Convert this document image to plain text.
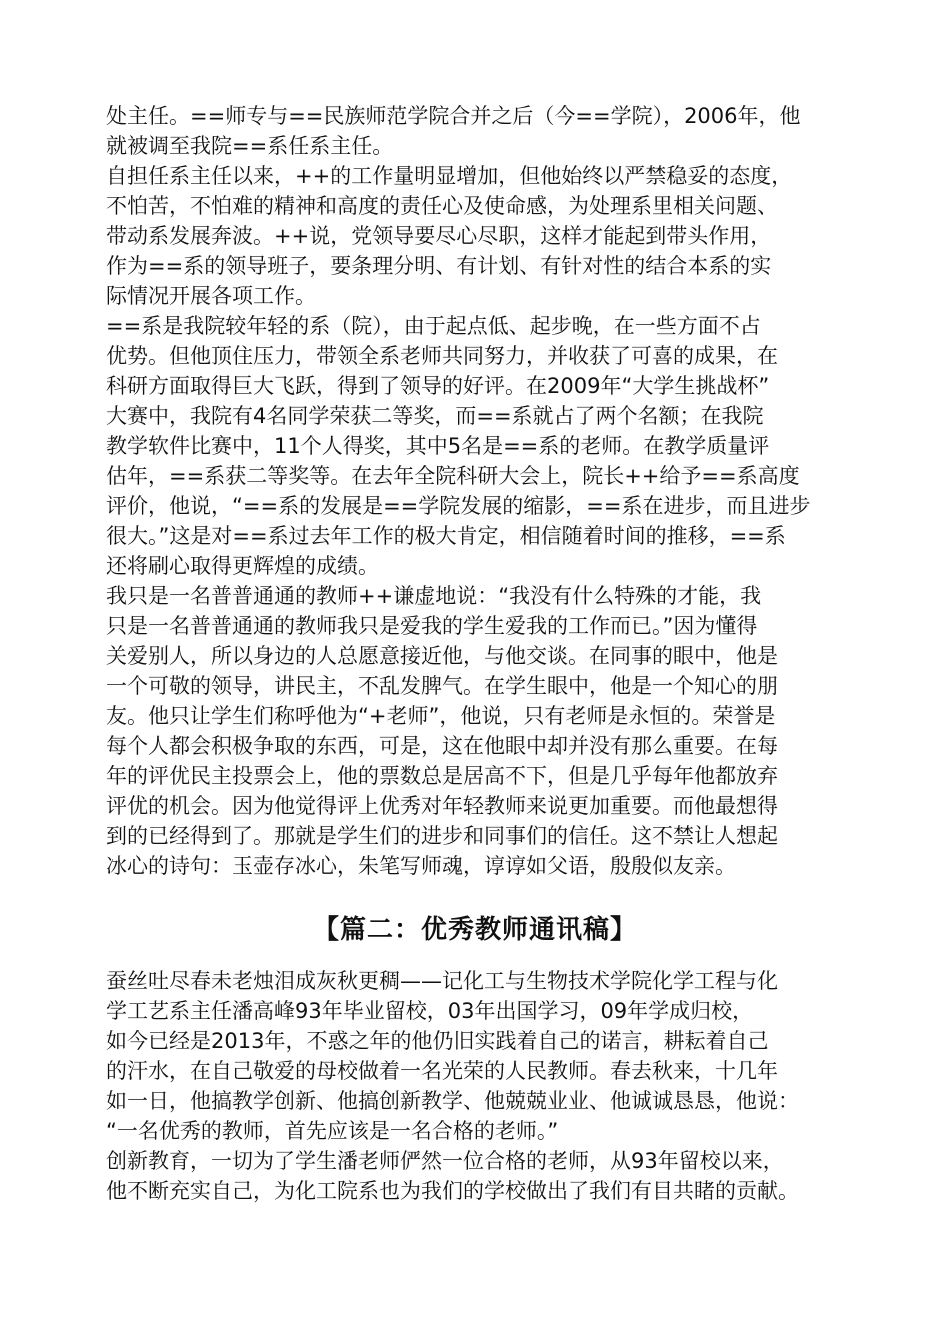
处主任。==师专与==民族师范学院合并之后（今==学院），2006年，他
就被调至我院==系任系主任。
自担任系主任以来，++的工作量明显增加，但他始终以严禁稳妥的态度，
不怕苦，不怕难的精神和高度的责任心及使命感，为处理系里相关问题、
带动系发展奔波。++说，党领导要尽心尽职，这样才能起到带头作用，
作为==系的领导班子，要条理分明、有计划、有针对性的结合本系的实
际情况开展各项工作。
==系是我院较年轻的系（院），由于起点低、起步晚，在一些方面不占
优势。但他顶住压力，带领全系老师共同努力，并收获了可喜的成果，在
科研方面取得巨大飞跃，得到了领导的好评。在2009年“大学生挑战杯”
大赛中，我院有4名同学荣获二等奖，而==系就占了两个名额；在我院
教学软件比赛中，11个人得奖，其中5名是==系的老师。在教学质量评
估年，==系获二等奖等。在去年全院科研大会上，院长++给予==系高度
评价，他说，“==系的发展是==学院发展的缩影，==系在进步，而且进步
很大。”这是对==系过去年工作的极大肯定，相信随着时间的推移，==系
还将刷心取得更辉煌的成绩。
我只是一名普普通通的教师++谦虚地说：“我没有什么特殊的才能，我
只是一名普普通通的教师我只是爱我的学生爱我的工作而已。”因为懂得
关爱别人，所以身边的人总愿意接近他，与他交谈。在同事的眼中，他是
一个可敬的领导，讲民主，不乱发脾气。在学生眼中，他是一个知心的朋
友。他只让学生们称呼他为“+老师”，他说，只有老师是永恒的。荣誉是
每个人都会积极争取的东西，可是，这在他眼中却并没有那么重要。在每
年的评优民主投票会上，他的票数总是居高不下，但是几乎每年他都放弃
评优的机会。因为他觉得评上优秀对年轻教师来说更加重要。而他最想得
到的已经得到了。那就是学生们的进步和同事们的信任。这不禁让人想起
冰心的诗句：玉壶存冰心，朱笔写师魂，谆谆如父语，殷殷似友亲。
【篇二：优秀教师通讯稿】
蚕丝吐尽春未老烛泪成灰秋更稠——记化工与生物技术学院化学工程与化
学工艺系主任潘高峰93年毕业留校，03年出国学习，09年学成归校，
如今已经是2013年，不惑之年的他仍旧实践着自己的诺言，耕耘着自己
的汗水，在自己敬爱的母校做着一名光荣的人民教师。春去秋来，十几年
如一日，他搞教学创新、他搞创新教学、他兢兢业业、他诚诚恳恳，他说：
“一名优秀的教师，首先应该是一名合格的老师。”
创新教育，一切为了学生潘老师俨然一位合格的老师，从93年留校以来，
他不断充实自己，为化工院系也为我们的学校做出了我们有目共睹的贡献。
